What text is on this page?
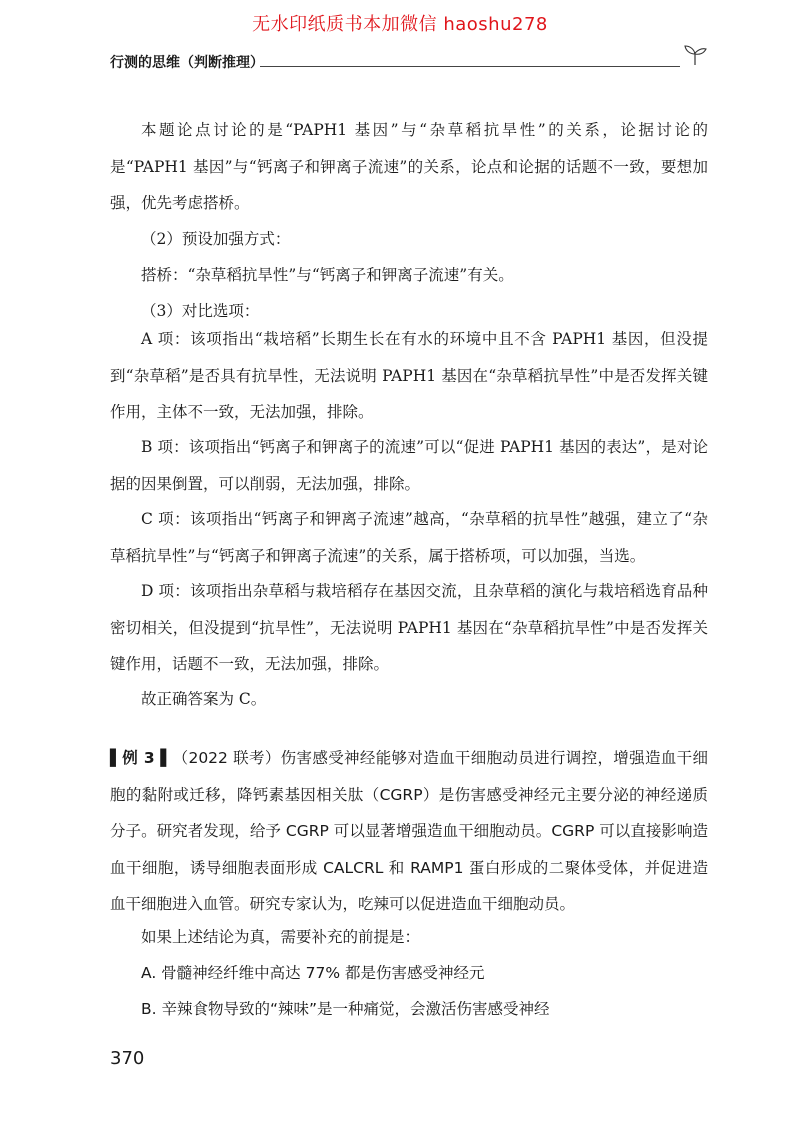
无水印纸质书本加微信 haoshu278
行测的思维（判断推理）

本题论点讨论的是“PAPH1 基因”与“杂草稻抗旱性”的关系，论据讨论的是“PAPH1 基因”与“钙离子和钾离子流速”的关系，论点和论据的话题不一致，要想加强，优先考虑搭桥。

（2）预设加强方式：

搭桥：“杂草稻抗旱性”与“钙离子和钾离子流速”有关。

（3）对比选项：

A 项：该项指出“栽培稻”长期生长在有水的环境中且不含 PAPH1 基因，但没提到“杂草稻”是否具有抗旱性，无法说明 PAPH1 基因在“杂草稻抗旱性”中是否发挥关键作用，主体不一致，无法加强，排除。

B 项：该项指出“钙离子和钾离子的流速”可以“促进 PAPH1 基因的表达”，是对论据的因果倒置，可以削弱，无法加强，排除。

C 项：该项指出“钙离子和钾离子流速”越高，“杂草稻的抗旱性”越强，建立了“杂草稻抗旱性”与“钙离子和钾离子流速”的关系，属于搭桥项，可以加强，当选。

D 项：该项指出杂草稻与栽培稻存在基因交流，且杂草稻的演化与栽培稻选育品种密切相关，但没提到“抗旱性”，无法说明 PAPH1 基因在“杂草稻抗旱性”中是否发挥关键作用，话题不一致，无法加强，排除。

故正确答案为 C。

▌例 3 ▌（2022 联考）伤害感受神经能够对造血干细胞动员进行调控，增强造血干细胞的黏附或迁移，降钙素基因相关肽（CGRP）是伤害感受神经元主要分泌的神经递质分子。研究者发现，给予 CGRP 可以显著增强造血干细胞动员。CGRP 可以直接影响造血干细胞，诱导细胞表面形成 CALCRL 和 RAMP1 蛋白形成的二聚体受体，并促进造血干细胞进入血管。研究专家认为，吃辣可以促进造血干细胞动员。

如果上述结论为真，需要补充的前提是：

A. 骨髓神经纤维中高达 77% 都是伤害感受神经元

B. 辛辣食物导致的“辣味”是一种痛觉，会激活伤害感受神经

370
